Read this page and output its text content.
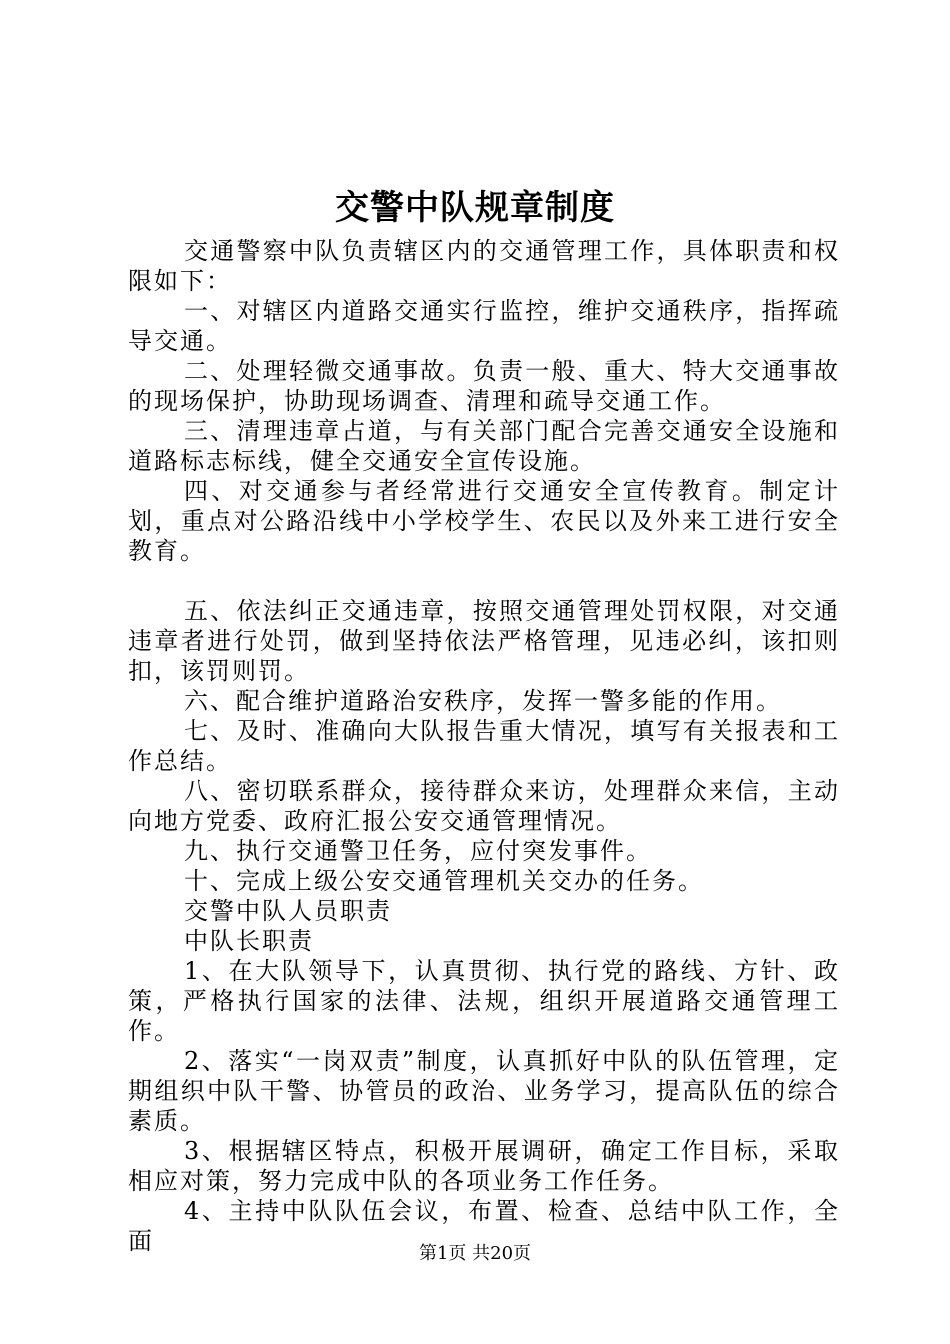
交警中队规章制度

交通警察中队负责辖区内的交通管理工作，具体职责和权限如下：

一、对辖区内道路交通实行监控，维护交通秩序，指挥疏导交通。

二、处理轻微交通事故。负责一般、重大、特大交通事故的现场保护，协助现场调查、清理和疏导交通工作。

三、清理违章占道，与有关部门配合完善交通安全设施和道路标志标线，健全交通安全宣传设施。

四、对交通参与者经常进行交通安全宣传教育。制定计划，重点对公路沿线中小学校学生、农民以及外来工进行安全教育。

五、依法纠正交通违章，按照交通管理处罚权限，对交通违章者进行处罚，做到坚持依法严格管理，见违必纠，该扣则扣，该罚则罚。

六、配合维护道路治安秩序，发挥一警多能的作用。

七、及时、准确向大队报告重大情况，填写有关报表和工作总结。

八、密切联系群众，接待群众来访，处理群众来信，主动向地方党委、政府汇报公安交通管理情况。

九、执行交通警卫任务，应付突发事件。

十、完成上级公安交通管理机关交办的任务。

交警中队人员职责

中队长职责

1、在大队领导下，认真贯彻、执行党的路线、方针、政策，严格执行国家的法律、法规，组织开展道路交通管理工作。

2、落实“一岗双责”制度，认真抓好中队的队伍管理，定期组织中队干警、协管员的政治、业务学习，提高队伍的综合素质。

3、根据辖区特点，积极开展调研，确定工作目标，采取相应对策，努力完成中队的各项业务工作任务。

4、主持中队队伍会议，布置、检查、总结中队工作，全面	第1页 共20页
